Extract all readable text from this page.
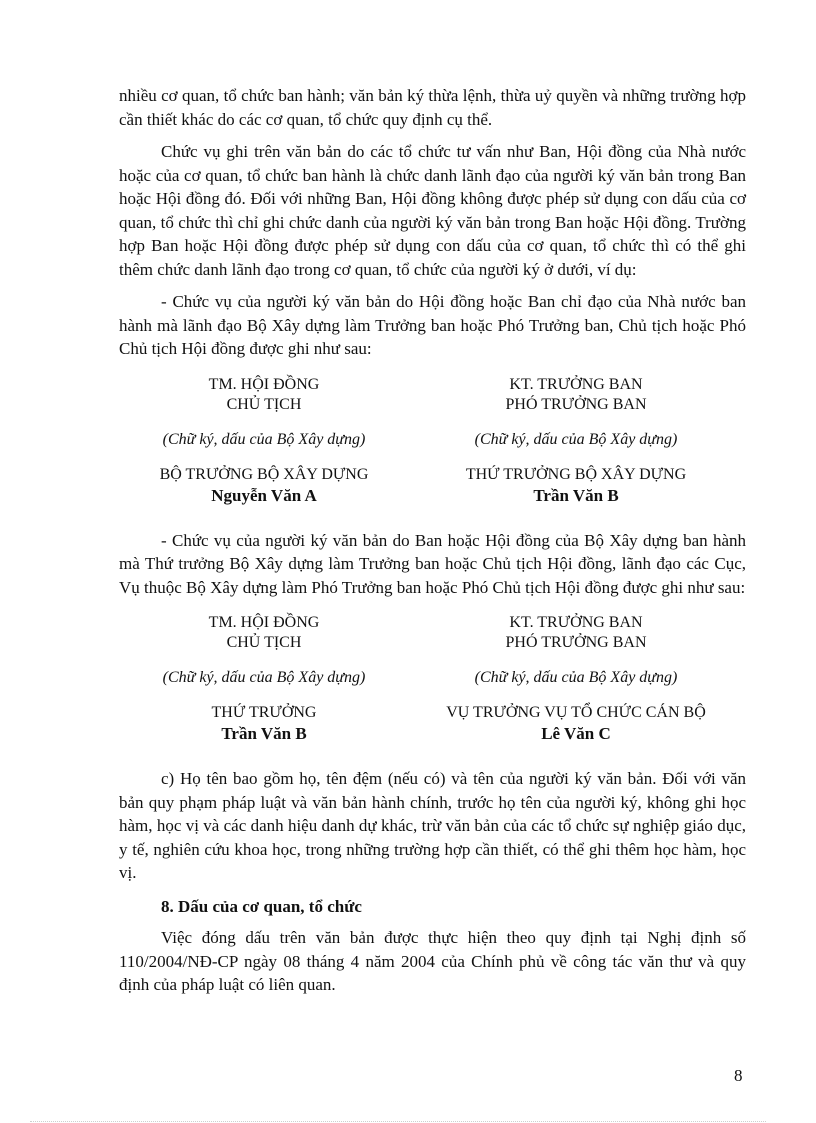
nhiều cơ quan, tổ chức ban hành; văn bản ký thừa lệnh, thừa uỷ quyền và những trường hợp cần thiết khác do các cơ quan, tổ chức quy định cụ thể.

Chức vụ ghi trên văn bản do các tổ chức tư vấn như Ban, Hội đồng của Nhà nước hoặc của cơ quan, tổ chức ban hành là chức danh lãnh đạo của người ký văn bản trong Ban hoặc Hội đồng đó. Đối với những Ban, Hội đồng không được phép sử dụng con dấu của cơ quan, tổ chức thì chỉ ghi chức danh của người ký văn bản trong Ban hoặc Hội đồng. Trường hợp Ban hoặc Hội đồng được phép sử dụng con dấu của cơ quan, tổ chức thì có thể ghi thêm chức danh lãnh đạo trong cơ quan, tổ chức của người ký ở dưới, ví dụ:

- Chức vụ của người ký văn bản do Hội đồng hoặc Ban chỉ đạo của Nhà nước ban hành mà lãnh đạo Bộ Xây dựng làm Trưởng ban hoặc Phó Trưởng ban, Chủ tịch hoặc Phó Chủ tịch Hội đồng được ghi như sau:

TM. HỘI ĐỒNG
CHỦ TỊCH
(Chữ ký, dấu của Bộ Xây dựng)
BỘ TRƯỞNG BỘ XÂY DỰNG
Nguyễn Văn A
KT. TRƯỞNG BAN
PHÓ TRƯỞNG BAN
(Chữ ký, dấu của Bộ Xây dựng)
THỨ TRƯỞNG BỘ XÂY DỰNG
Trần Văn B

- Chức vụ của người ký văn bản do Ban hoặc Hội đồng của Bộ Xây dựng ban hành mà Thứ trưởng Bộ Xây dựng làm Trưởng ban hoặc Chủ tịch Hội đồng, lãnh đạo các Cục, Vụ thuộc Bộ Xây dựng làm Phó Trưởng ban hoặc Phó Chủ tịch Hội đồng được ghi như sau:

TM. HỘI ĐỒNG
CHỦ TỊCH
(Chữ ký, dấu của Bộ Xây dựng)
THỨ TRƯỞNG
Trần Văn B
KT. TRƯỞNG BAN
PHÓ TRƯỞNG BAN
(Chữ ký, dấu của Bộ Xây dựng)
VỤ TRƯỞNG VỤ TỔ CHỨC CÁN BỘ
Lê Văn C

c) Họ tên bao gồm họ, tên đệm (nếu có) và tên của người ký văn bản. Đối với văn bản quy phạm pháp luật và văn bản hành chính, trước họ tên của người ký, không ghi học hàm, học vị và các danh hiệu danh dự khác, trừ văn bản của các tổ chức sự nghiệp giáo dục, y tế, nghiên cứu khoa học, trong những trường hợp cần thiết, có thể ghi thêm học hàm, học vị.

8. Dấu của cơ quan, tổ chức

Việc đóng dấu trên văn bản được thực hiện theo quy định tại Nghị định số 110/2004/NĐ-CP ngày 08 tháng 4 năm 2004 của Chính phủ về công tác văn thư và quy định của pháp luật có liên quan.

8
